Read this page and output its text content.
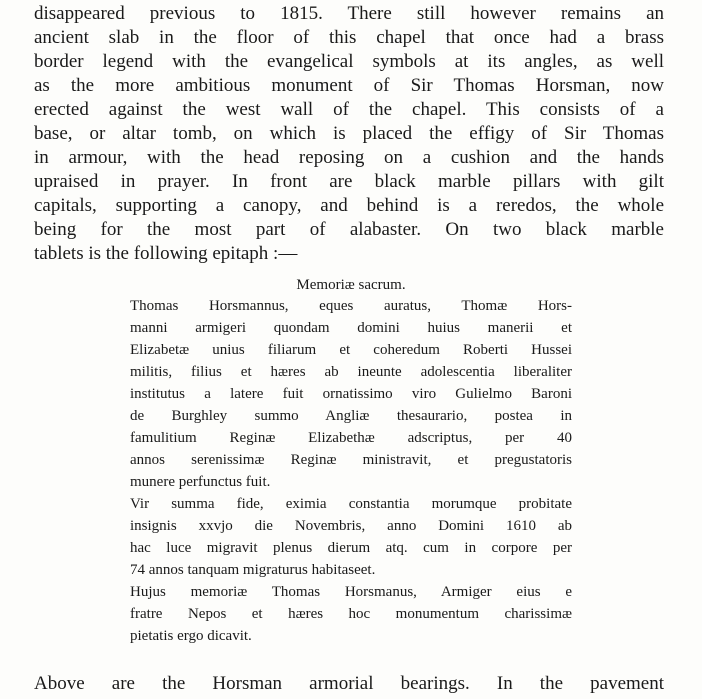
disappeared previous to 1815. There still however remains an
ancient slab in the floor of this chapel that once had a brass
border legend with the evangelical symbols at its angles, as well
as the more ambitious monument of Sir Thomas Horsman, now
erected against the west wall of the chapel. This consists of a
base, or altar tomb, on which is placed the effigy of Sir Thomas
in armour, with the head reposing on a cushion and the hands
upraised in prayer. In front are black marble pillars with gilt
capitals, supporting a canopy, and behind is a reredos, the whole
being for the most part of alabaster. On two black marble
tablets is the following epitaph :—
Memoriæ sacrum.
Thomas Horsmannus, eques auratus, Thomæ Hors-
manni armigeri quondam domini huius manerii et
Elizabetæ unius filiarum et coheredum Roberti Hussei
militis, filius et hæres ab ineunte adolescentia liberaliter
institutus a latere fuit ornatissimo viro Gulielmo Baroni
de Burghley summo Angliæ thesaurario, postea in
famulitium Reginæ Elizabethæ adscriptus, per 40
annos serenissimæ Reginæ ministravit, et pregustatoris
munere perfunctus fuit.
Vir summa fide, eximia constantia morumque probitate
insignis xxvjo die Novembris, anno Domini 1610 ab
hac luce migravit plenus dierum atq. cum in corpore per
74 annos tanquam migraturus habitaseet.
Hujus memoriæ Thomas Horsmanus, Armiger eius e
fratre Nepos et hæres hoc monumentum charissimæ
pietatis ergo dicavit.
Above are the Horsman armorial bearings. In the pavement
